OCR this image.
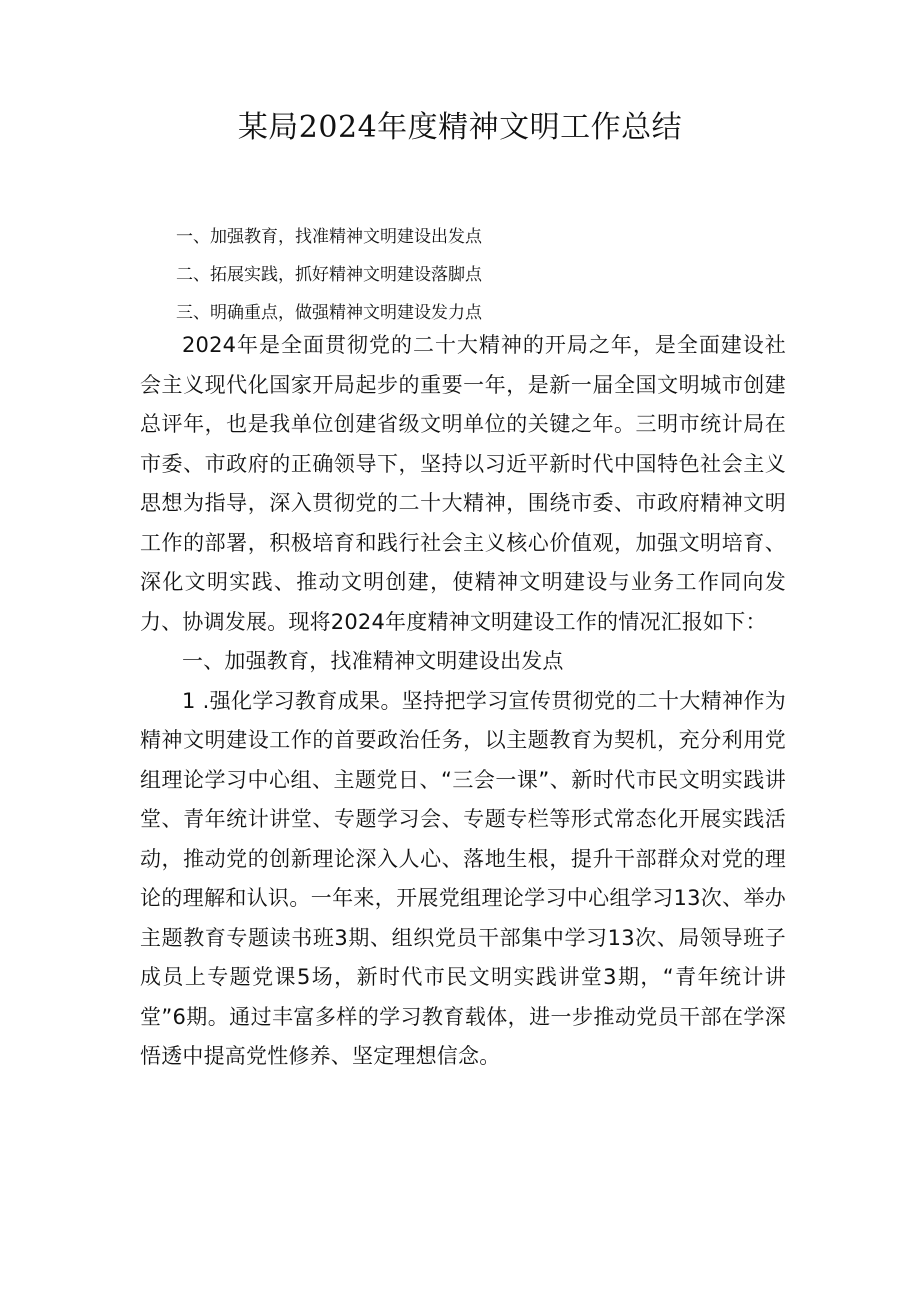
某局2024年度精神文明工作总结
一、加强教育，找准精神文明建设出发点
二、拓展实践，抓好精神文明建设落脚点
三、明确重点，做强精神文明建设发力点

2024年是全面贯彻党的二十大精神的开局之年，是全面建设社会主义现代化国家开局起步的重要一年，是新一届全国文明城市创建总评年，也是我单位创建省级文明单位的关键之年。三明市统计局在市委、市政府的正确领导下，坚持以习近平新时代中国特色社会主义思想为指导，深入贯彻党的二十大精神，围绕市委、市政府精神文明工作的部署，积极培育和践行社会主义核心价值观，加强文明培育、深化文明实践、推动文明创建，使精神文明建设与业务工作同向发力、协调发展。现将2024年度精神文明建设工作的情况汇报如下：

一、加强教育，找准精神文明建设出发点

1 .强化学习教育成果。坚持把学习宣传贯彻党的二十大精神作为精神文明建设工作的首要政治任务，以主题教育为契机，充分利用党组理论学习中心组、主题党日、“三会一课”、新时代市民文明实践讲堂、青年统计讲堂、专题学习会、专题专栏等形式常态化开展实践活动，推动党的创新理论深入人心、落地生根，提升干部群众对党的理论的理解和认识。一年来，开展党组理论学习中心组学习13次、举办主题教育专题读书班3期、组织党员干部集中学习13次、局领导班子成员上专题党课5场，新时代市民文明实践讲堂3期，“青年统计讲堂”6期。通过丰富多样的学习教育载体，进一步推动党员干部在学深悟透中提高党性修养、坚定理想信念。
